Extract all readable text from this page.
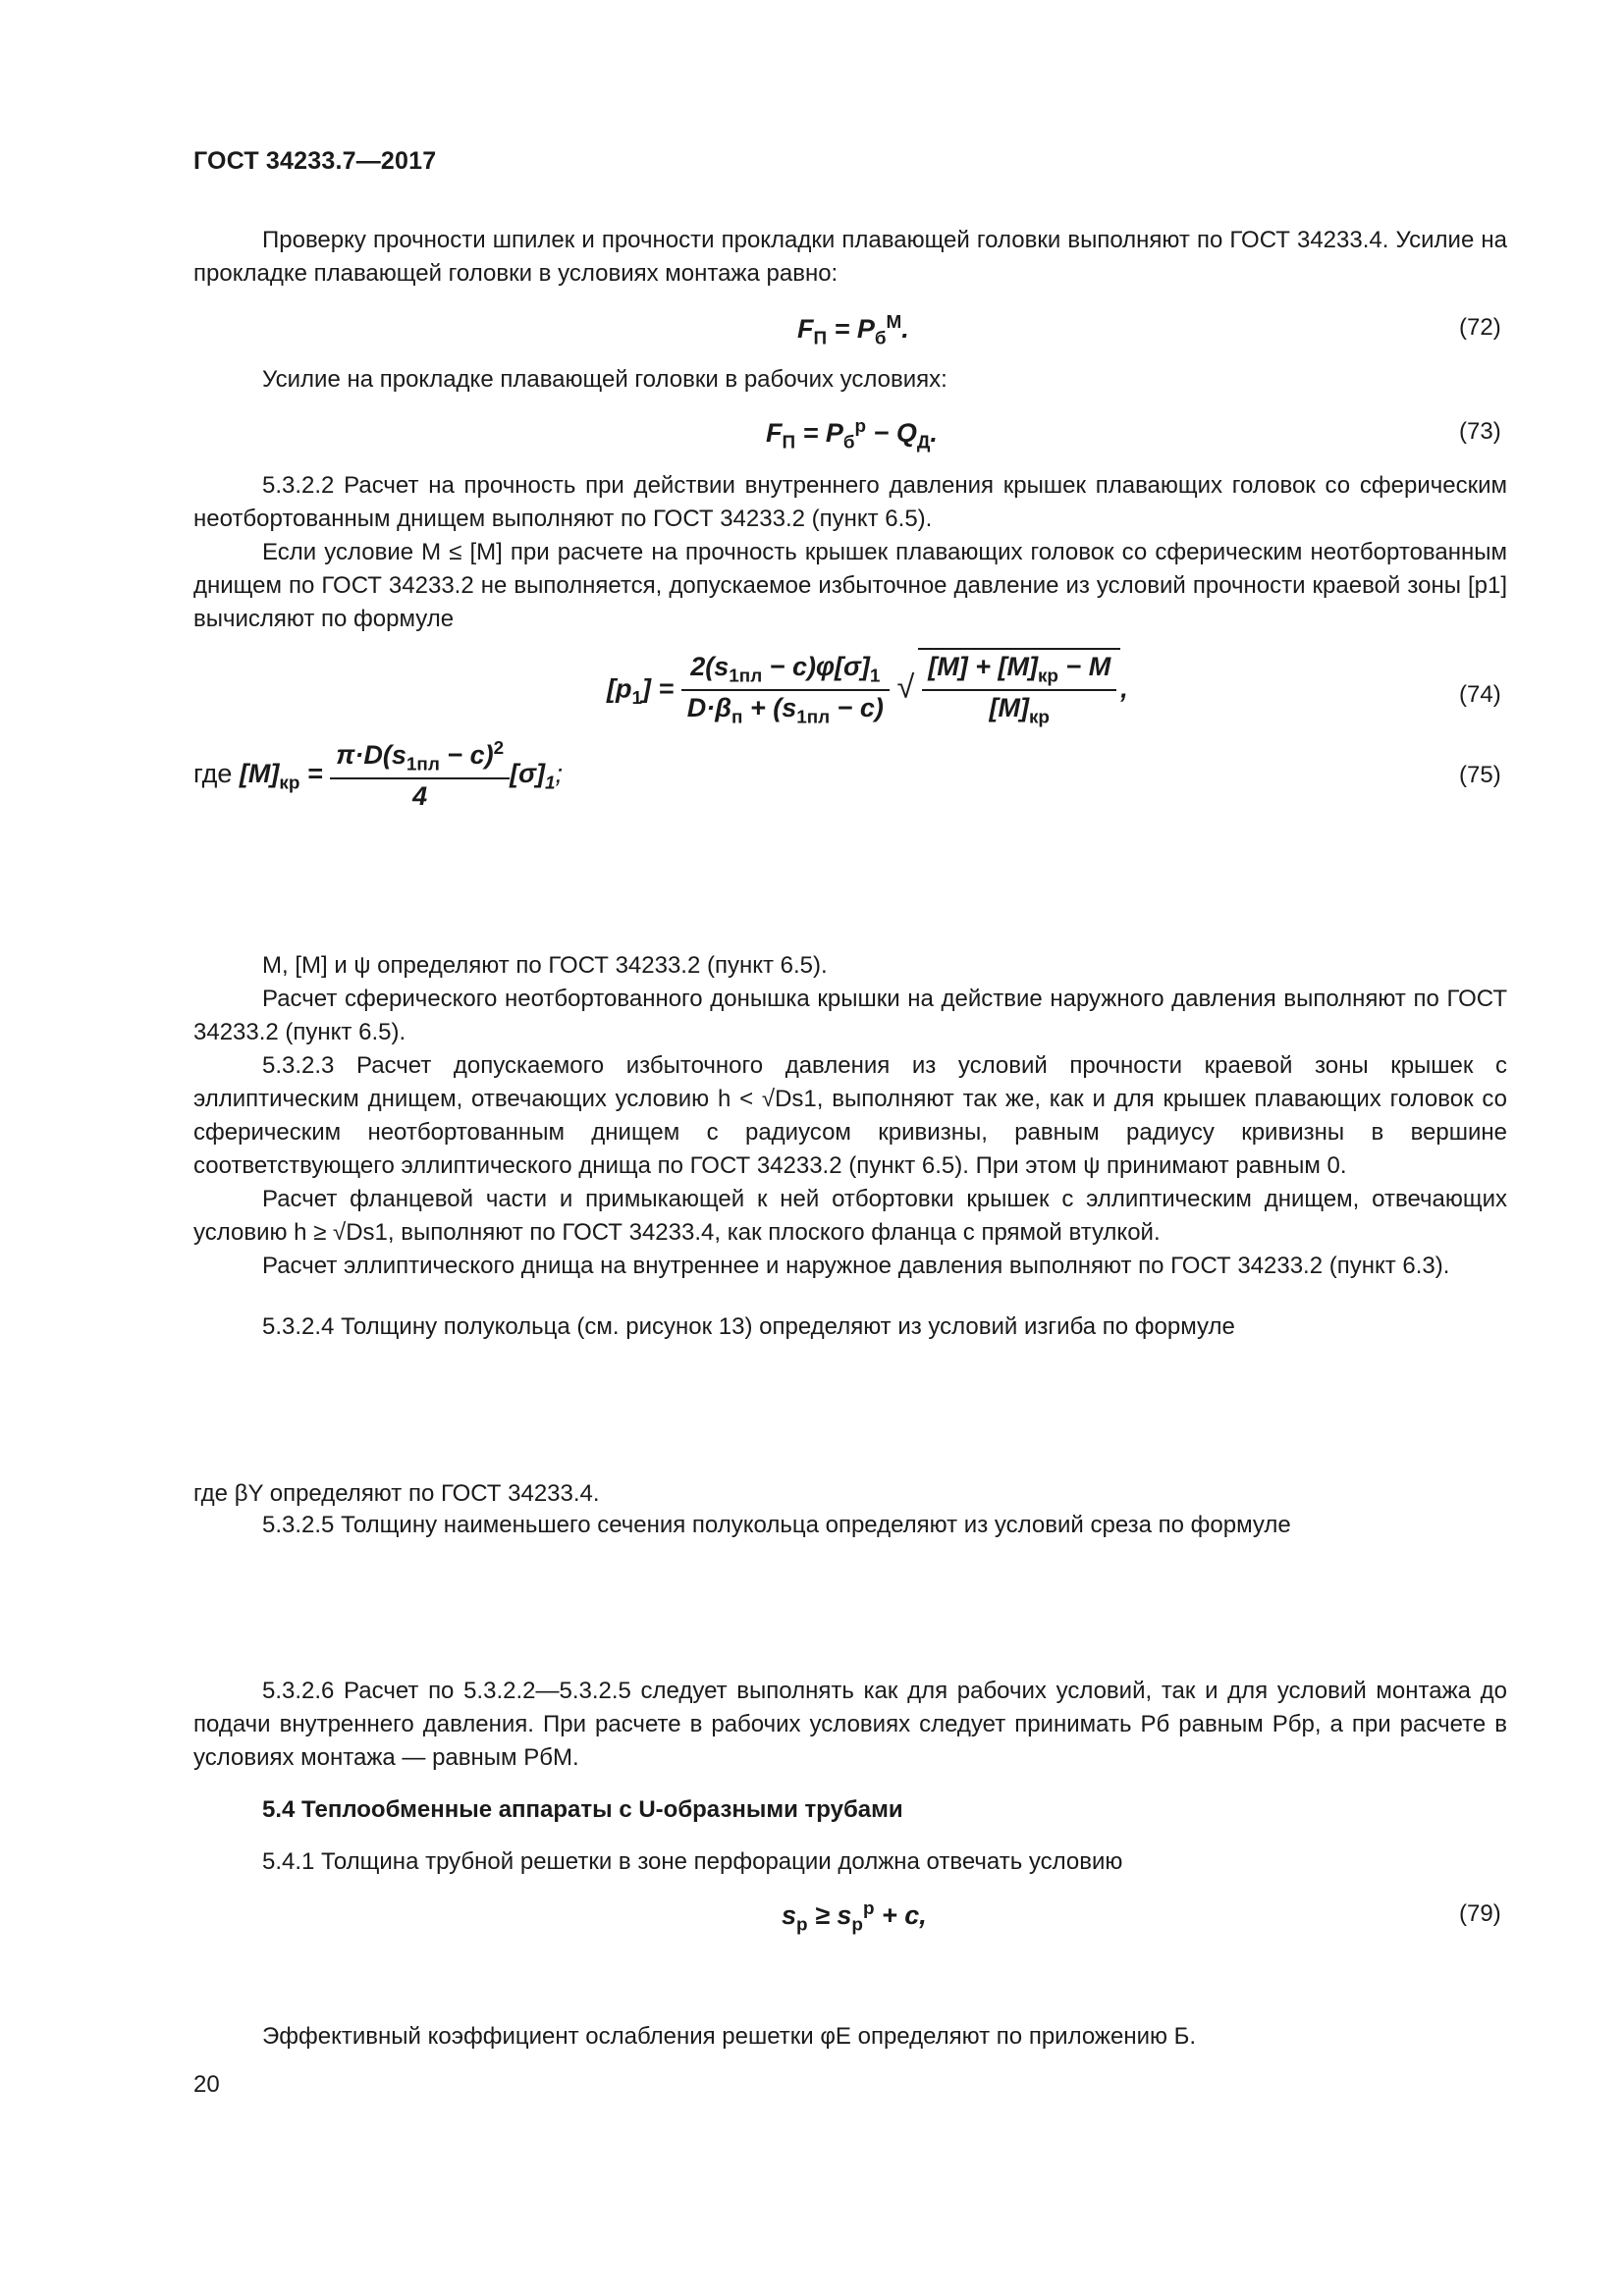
ГОСТ 34233.7—2017
Проверку прочности шпилек и прочности прокладки плавающей головки выполняют по ГОСТ 34233.4. Усилие на прокладке плавающей головки в условиях монтажа равно:
$F_П = P_б^М$.	(72)
Усилие на прокладке плавающей головки в рабочих условиях:
$F_П = P_б^р - Q_Д$.	(73)
5.3.2.2 Расчет на прочность при действии внутреннего давления крышек плавающих головок со сферическим неотбортованным днищем выполняют по ГОСТ 34233.2 (пункт 6.5).
Если условие M ≤ [M] при расчете на прочность крышек плавающих головок со сферическим неотбортованным днищем по ГОСТ 34233.2 не выполняется, допускаемое избыточное давление из условий прочности краевой зоны [p1] вычисляют по формуле
$[p_1] = \frac{2(s_{1пл} - c)\varphi[\sigma]_1}{D\cdot\beta_п + (s_{1пл} - c)}$ √ $\frac{[M] + [M]_{кр} - M}{[M]_{кр}}$ ,	(74)
где $[M]_{кр} = \frac{\pi\cdot D(s_{1пл} - c)^2}{4} [\sigma]_1$;	(75)
M, [M] и ψ определяют по ГОСТ 34233.2 (пункт 6.5).
Расчет сферического неотбортованного донышка крышки на действие наружного давления выполняют по ГОСТ 34233.2 (пункт 6.5).
5.3.2.3 Расчет допускаемого избыточного давления из условий прочности краевой зоны крышек с эллиптическим днищем, отвечающих условию h < √Ds1, выполняют так же, как и для крышек плавающих головок со сферическим неотбортованным днищем с радиусом кривизны, равным радиусу кривизны в вершине соответствующего эллиптического днища по ГОСТ 34233.2 (пункт 6.5). При этом ψ принимают равным 0.
Расчет фланцевой части и примыкающей к ней отбортовки крышек с эллиптическим днищем, отвечающих условию h ≥ √Ds1, выполняют по ГОСТ 34233.4, как плоского фланца с прямой втулкой.
Расчет эллиптического днища на внутреннее и наружное давления выполняют по ГОСТ 34233.2 (пункт 6.3).
5.3.2.4 Толщину полукольца (см. рисунок 13) определяют из условий изгиба по формуле
где βY определяют по ГОСТ 34233.4.
5.3.2.5 Толщину наименьшего сечения полукольца определяют из условий среза по формуле
5.3.2.6 Расчет по 5.3.2.2—5.3.2.5 следует выполнять как для рабочих условий, так и для условий монтажа до подачи внутреннего давления. При расчете в рабочих условиях следует принимать Pб равным Pбр, а при расчете в условиях монтажа — равным PбМ.
5.4 Теплообменные аппараты с U-образными трубами
5.4.1 Толщина трубной решетки в зоне перфорации должна отвечать условию
$s_р \ge s_р^р + c$,	(79)
Эффективный коэффициент ослабления решетки φE определяют по приложению Б.
20
